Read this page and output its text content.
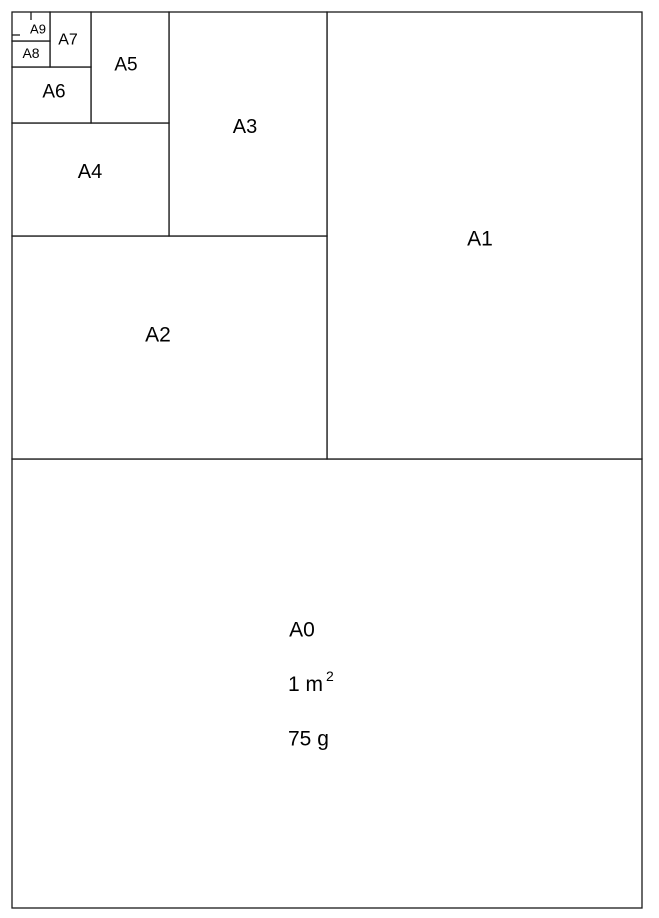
A0
1 m $^2$
75 g
A1
A2
A3
A4
A5
A6
A7
A8
A9
